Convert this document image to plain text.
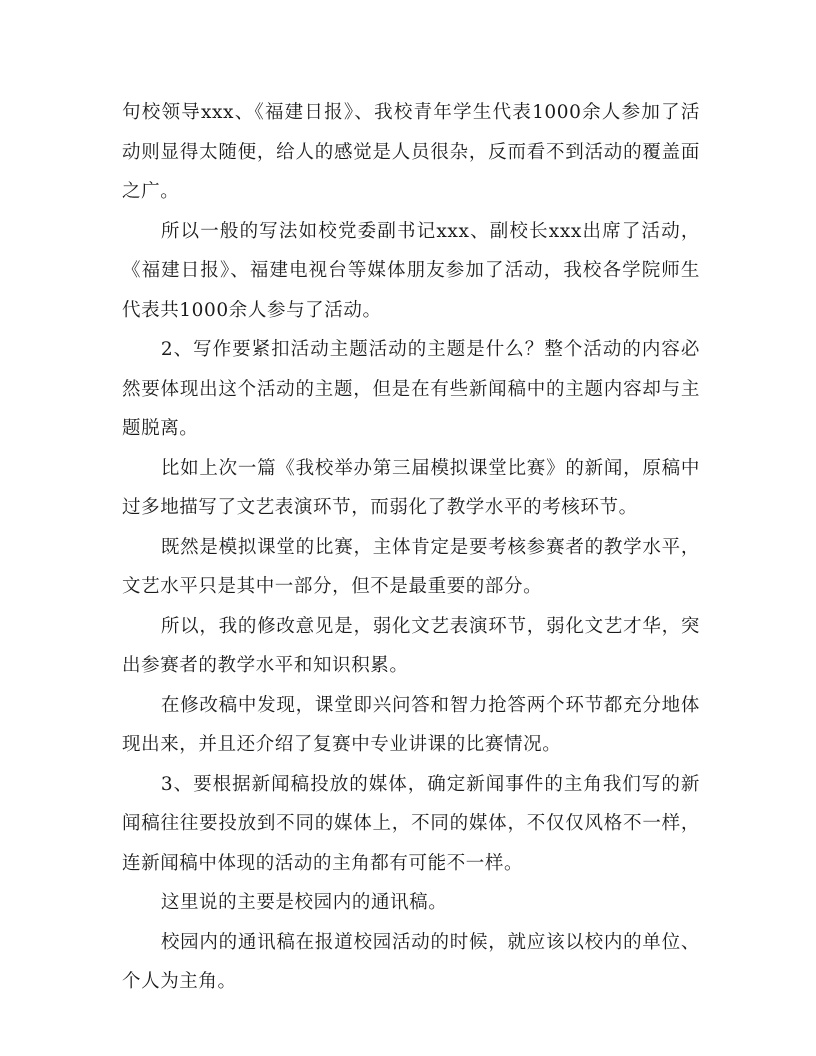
句校领导xxx、《福建日报》、我校青年学生代表1000余人参加了活动则显得太随便，给人的感觉是人员很杂，反而看不到活动的覆盖面之广。

所以一般的写法如校党委副书记xxx、副校长xxx出席了活动，《福建日报》、福建电视台等媒体朋友参加了活动，我校各学院师生代表共1000余人参与了活动。

2、写作要紧扣活动主题活动的主题是什么？整个活动的内容必然要体现出这个活动的主题，但是在有些新闻稿中的主题内容却与主题脱离。

比如上次一篇《我校举办第三届模拟课堂比赛》的新闻，原稿中过多地描写了文艺表演环节，而弱化了教学水平的考核环节。

既然是模拟课堂的比赛，主体肯定是要考核参赛者的教学水平，文艺水平只是其中一部分，但不是最重要的部分。

所以，我的修改意见是，弱化文艺表演环节，弱化文艺才华，突出参赛者的教学水平和知识积累。

在修改稿中发现，课堂即兴问答和智力抢答两个环节都充分地体现出来，并且还介绍了复赛中专业讲课的比赛情况。

3、要根据新闻稿投放的媒体，确定新闻事件的主角我们写的新闻稿往往要投放到不同的媒体上，不同的媒体，不仅仅风格不一样，连新闻稿中体现的活动的主角都有可能不一样。

这里说的主要是校园内的通讯稿。

校园内的通讯稿在报道校园活动的时候，就应该以校内的单位、个人为主角。
